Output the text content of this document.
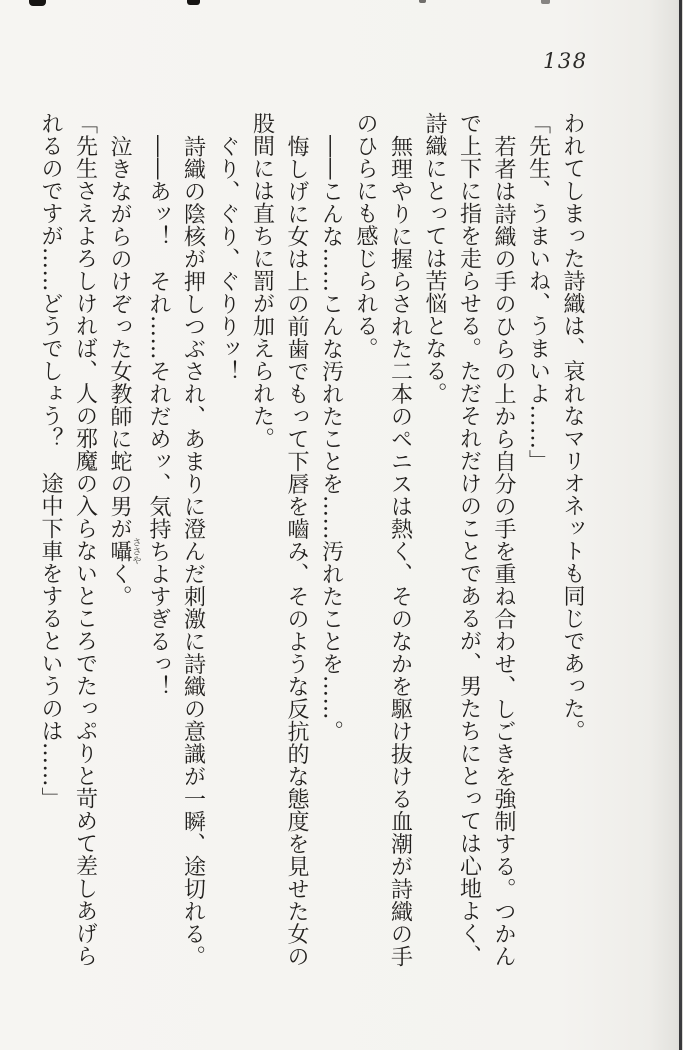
138
われてしまった詩織は、哀れなマリオネットも同じであった。
「先生、うまいね、うまいよ……」
若者は詩織の手のひらの上から自分の手を重ね合わせ、しごきを強制する。つかん
で上下に指を走らせる。ただそれだけのことであるが、男たちにとっては心地よく、
詩織にとっては苦悩となる。
無理やりに握らされた二本のペニスは熱く、そのなかを駆け抜ける血潮が詩織の手
のひらにも感じられる。
――こんな……こんな汚れたことを……汚れたことを……。
悔しげに女は上の前歯でもって下唇を嚙み、そのような反抗的な態度を見せた女の
股間には直ちに罰が加えられた。
ぐり、ぐり、ぐりりッ！
詩織の陰核が押しつぶされ、あまりに澄んだ刺激に詩織の意識が一瞬、途切れる。
――あッ！　それ……それだめッ、気持ちよすぎるっ！
泣きながらのけぞった女教師に蛇の男が囁ささやく。
「先生さえよろしければ、人の邪魔の入らないところでたっぷりと苛めて差しあげら
れるのですが……どうでしょう？　途中下車をするというのは……」
